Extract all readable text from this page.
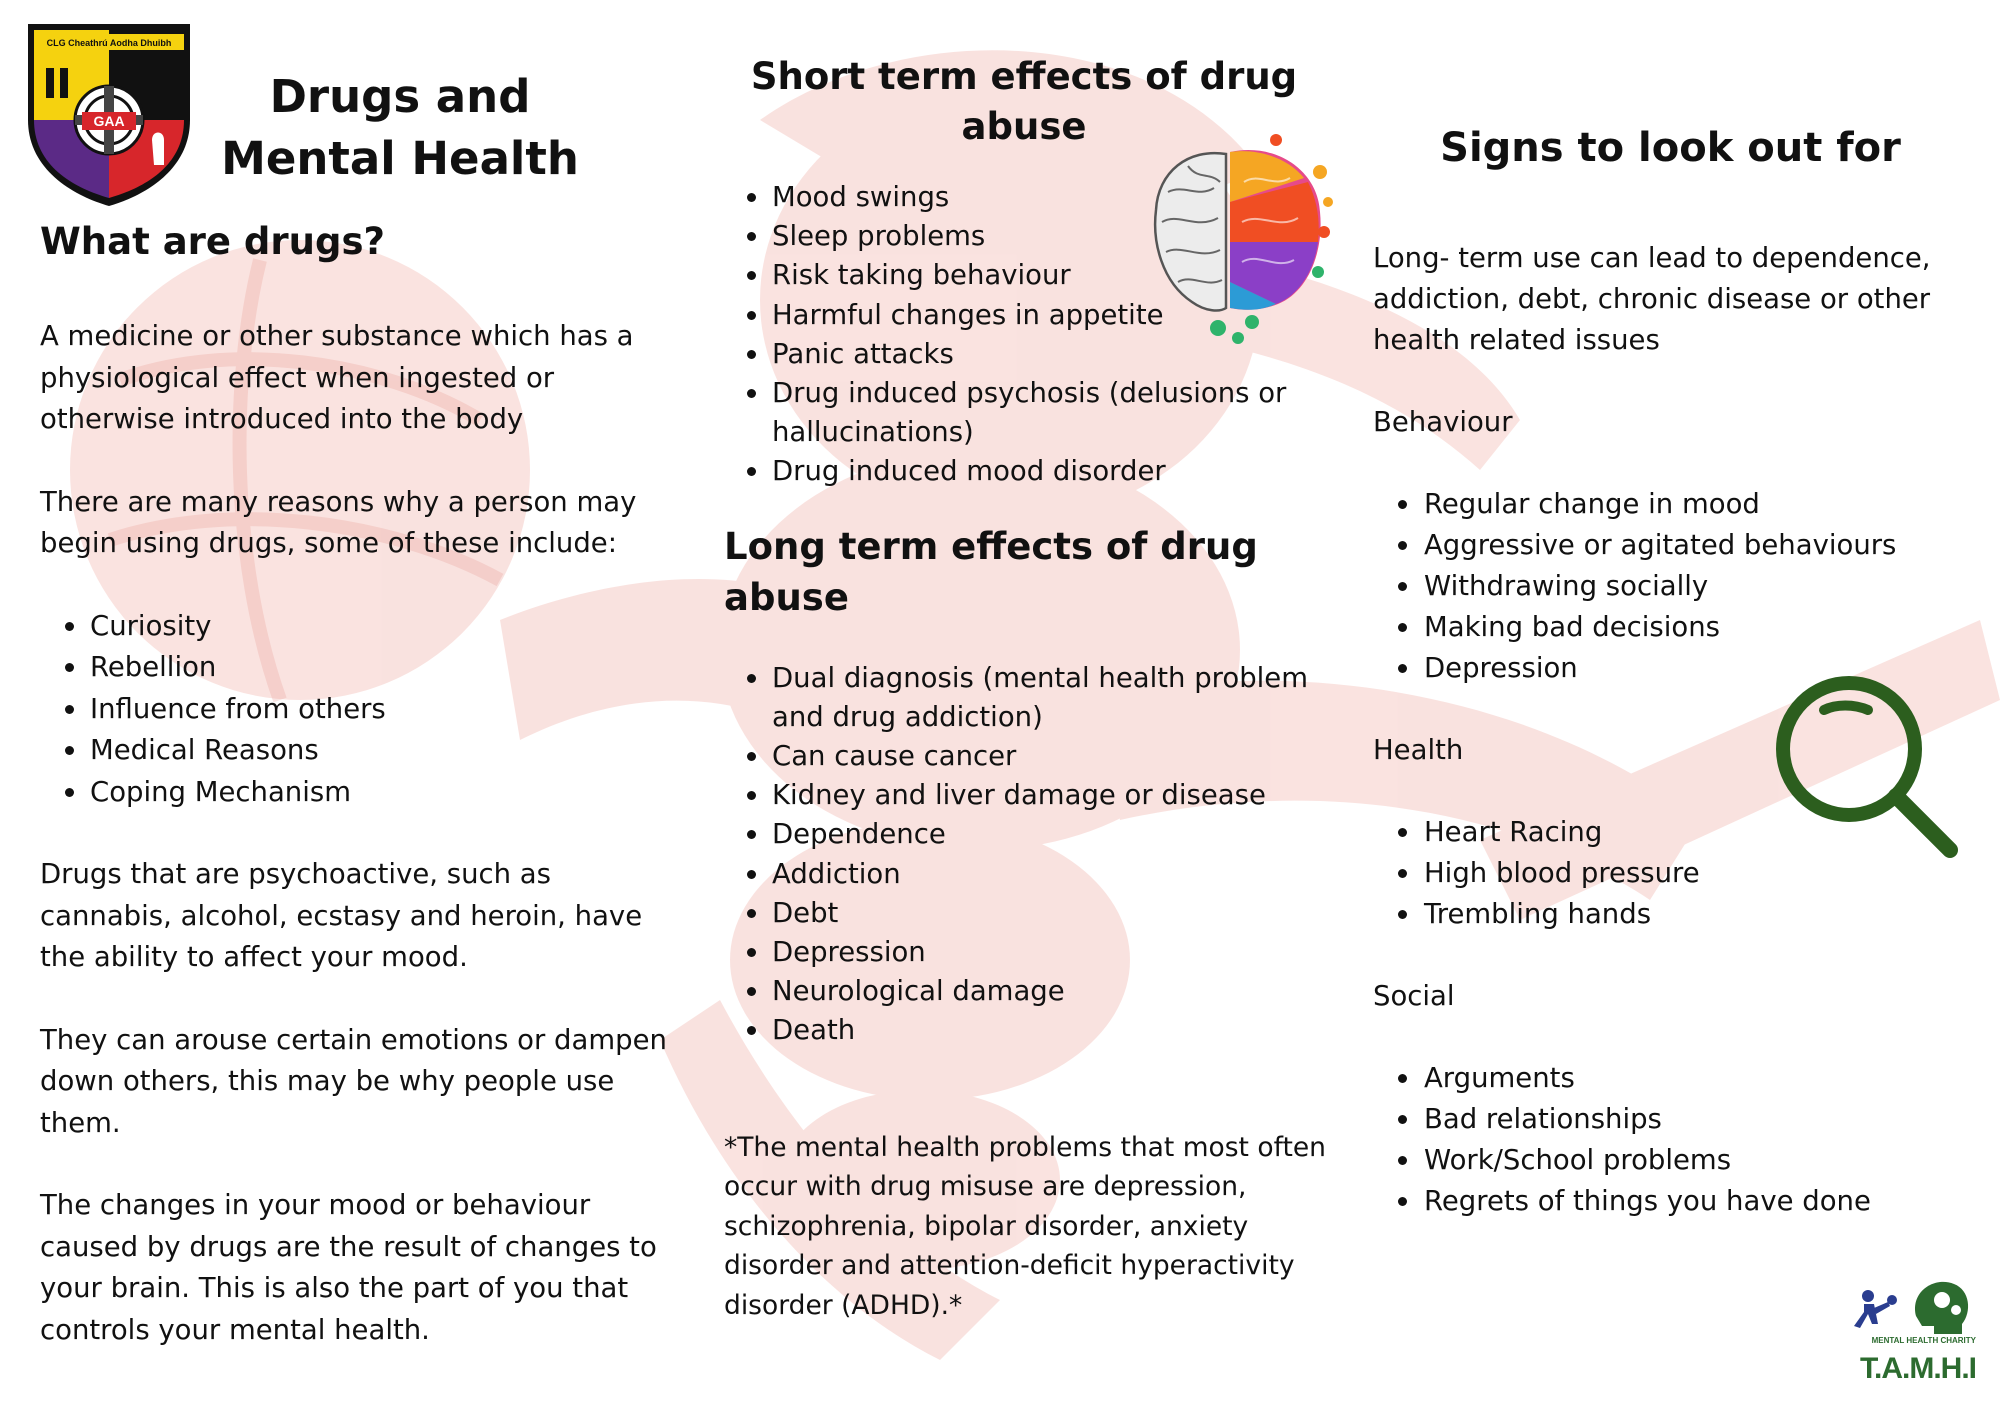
CLG Cheathrú Aodha Dhuibh
GAA	Drugs and Mental Health
What are drugs?

A medicine or other substance which has a physiological effect when ingested or otherwise introduced into the body

There are many reasons why a person may begin using drugs, some of these include:

Curiosity
Rebellion
Influence from others
Medical Reasons
Coping Mechanism

Drugs that are psychoactive, such as cannabis, alcohol, ecstasy and heroin, have the ability to affect your mood.

They can arouse certain emotions or dampen down others, this may be why people use them.

The changes in your mood or behaviour caused by drugs are the result of changes to your brain. This is also the part of you that controls your mental health.

Short term effects of drug abuse
Mood swings
Sleep problems
Risk taking behaviour
Harmful changes in appetite
Panic attacks
Drug induced psychosis (delusions or hallucinations)
Drug induced mood disorder
Long term effects of drug abuse
Dual diagnosis (mental health problem and drug addiction)
Can cause cancer
Kidney and liver damage or disease
Dependence
Addiction
Debt
Depression
Neurological damage
Death

*The mental health problems that most often occur with drug misuse are depression, schizophrenia, bipolar disorder, anxiety disorder and attention-deficit hyperactivity disorder (ADHD).*

Signs to look out for

Long- term use can lead to dependence, addiction, debt, chronic disease or other health related issues

Behaviour

Regular change in mood
Aggressive or agitated behaviours
Withdrawing socially
Making bad decisions
Depression

Health

Heart Racing
High blood pressure
Trembling hands

Social

Arguments
Bad relationships
Work/School problems
Regrets of things you have done
MENTAL HEALTH CHARITY
T.A.M.H.I
